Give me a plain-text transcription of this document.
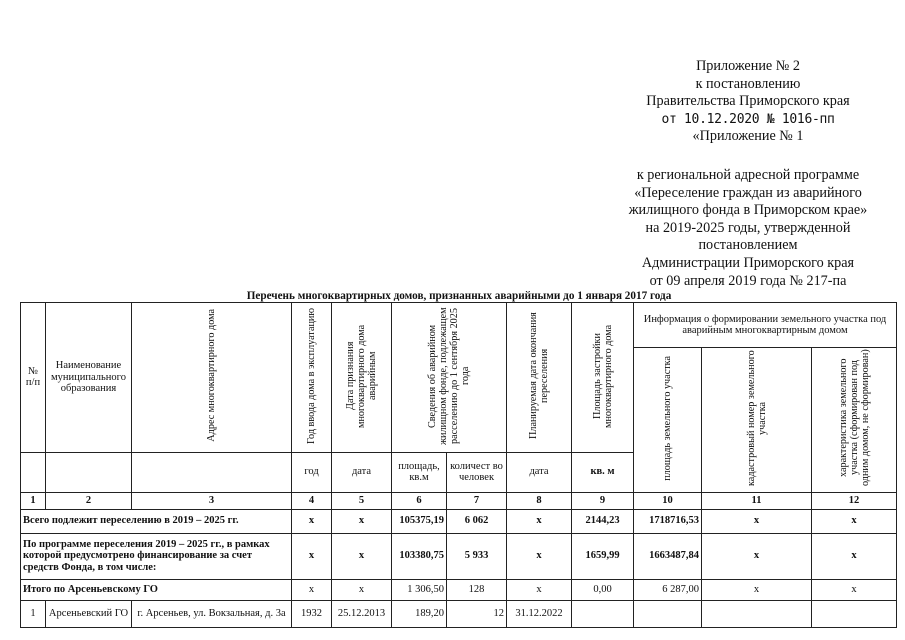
Приложение № 2
к постановлению
Правительства Приморского края
от 10.12.2020 № 1016-пп
«Приложение № 1
к региональной адресной программе
«Переселение граждан из аварийного
жилищного фонда в Приморском крае»
на 2019-2025 годы, утвержденной
постановлением
Администрации Приморского края
от 09 апреля 2019 года № 217-па
Перечень многоквартирных домов, признанных аварийными до 1 января 2017 года
№ п/п	Наименование муниципального образования	Адрес многоквартирного дома	Год ввода дома в эксплуатацию	Дата признания многоквартирного дома аварийным	Сведения об аварийном жилищном фонде, подлежащем расселению до 1 сентября 2025 года		Планируемая дата окончания переселения	Площадь застройки многоквартирного дома	Информация о формировании земельного участка под аварийным многоквартирным домом		
									площадь земельного участка	кадастровый номер земельного участка	характеристика земельного участка (сформирован под одним домом, не сформирован)
			год	дата	площадь, кв.м	количест во человек	дата	кв. м			

1	2	3	4	5	6	7	8	9	10	11	12
Всего подлежит переселению в 2019 – 2025 гг.			х	х	105375,19	6 062	х	2144,23	1718716,53	х	х
По программе переселения 2019 – 2025 гг., в рамках которой предусмотрено финансирование за счет средств Фонда, в том числе:			х	х	103380,75	5 933	х	1659,99	1663487,84	х	х
Итого по Арсеньевскому ГО			х	х	1 306,50	128	х	0,00	6 287,00	х	х
1	Арсеньевский ГО	г. Арсеньев, ул. Вокзальная, д. 3а	1932	25.12.2013	189,20	12	31.12.2022				
